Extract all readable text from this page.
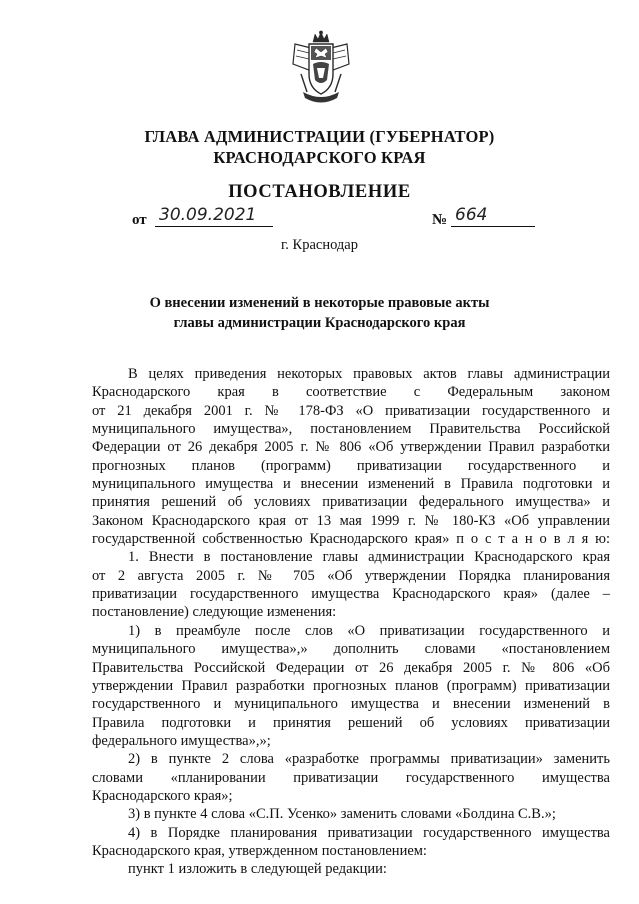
ГЛАВА АДМИНИСТРАЦИИ (ГУБЕРНАТОР)
КРАСНОДАРСКОГО КРАЯ
ПОСТАНОВЛЕНИЕ
от 30.09.2021	№ 664
г. Краснодар
О внесении изменений в некоторые правовые акты
главы администрации Краснодарского края
В целях приведения некоторых правовых актов главы администрации
Краснодарского края в соответствие с Федеральным законом
от 21 декабря 2001 г. № 178-ФЗ «О приватизации государственного и
муниципального имущества», постановлением Правительства Российской
Федерации от 26 декабря 2005 г. № 806 «Об утверждении Правил разработки
прогнозных планов (программ) приватизации государственного и
муниципального имущества и внесении изменений в Правила подготовки и
принятия решений об условиях приватизации федерального имущества» и
Законом Краснодарского края от 13 мая 1999 г. № 180-КЗ «Об управлении
государственной собственностью Краснодарского края» п о с т а н о в л я ю:
1. Внести в постановление главы администрации Краснодарского края
от 2 августа 2005 г. № 705 «Об утверждении Порядка планирования
приватизации государственного имущества Краснодарского края» (далее –
постановление) следующие изменения:
1) в преамбуле после слов «О приватизации государственного и
муниципального имущества»,» дополнить словами «постановлением
Правительства Российской Федерации от 26 декабря 2005 г. № 806 «Об
утверждении Правил разработки прогнозных планов (программ) приватизации
государственного и муниципального имущества и внесении изменений в
Правила подготовки и принятия решений об условиях приватизации
федерального имущества»,»;
2) в пункте 2 слова «разработке программы приватизации» заменить
словами «планировании приватизации государственного имущества
Краснодарского края»;
3) в пункте 4 слова «С.П. Усенко» заменить словами «Болдина С.В.»;
4) в Порядке планирования приватизации государственного имущества
Краснодарского края, утвержденном постановлением:
пункт 1 изложить в следующей редакции:
